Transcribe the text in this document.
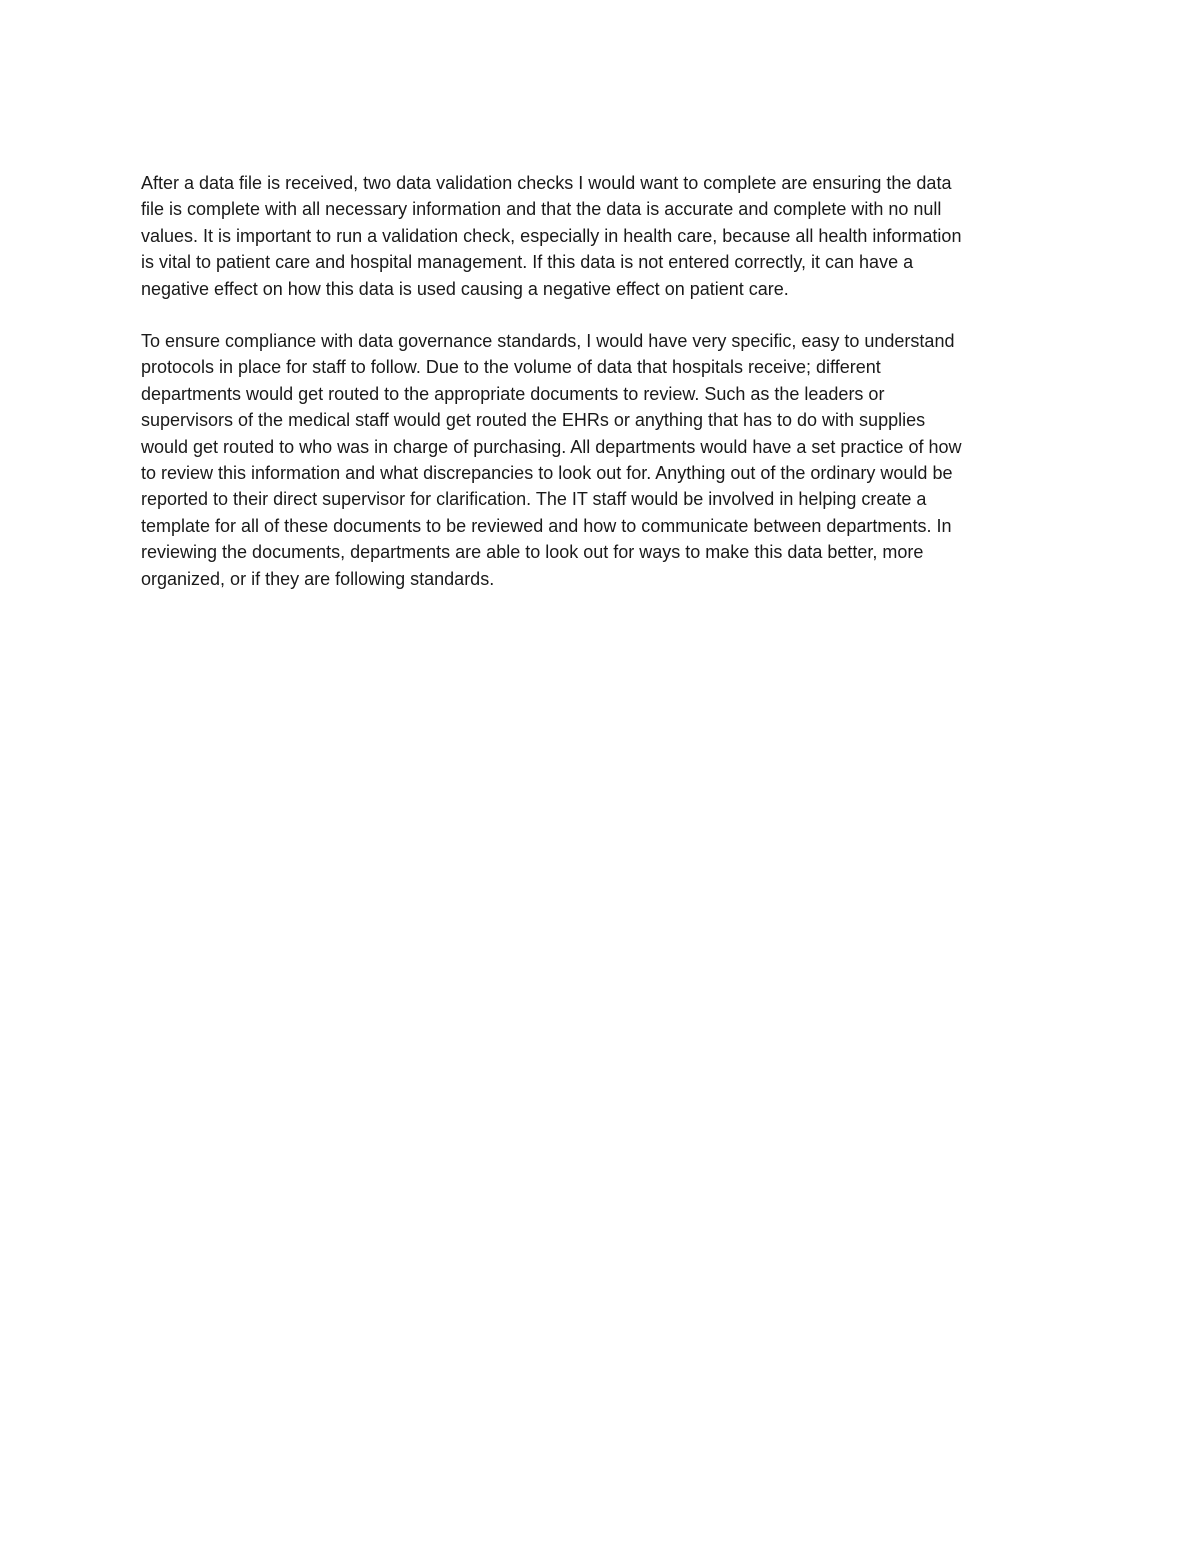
After a data file is received, two data validation checks I would want to complete are ensuring the data
file is complete with all necessary information and that the data is accurate and complete with no null
values. It is important to run a validation check, especially in health care, because all health information
is vital to patient care and hospital management. If this data is not entered correctly, it can have a
negative effect on how this data is used causing a negative effect on patient care.

To ensure compliance with data governance standards, I would have very specific, easy to understand
protocols in place for staff to follow. Due to the volume of data that hospitals receive; different
departments would get routed to the appropriate documents to review. Such as the leaders or
supervisors of the medical staff would get routed the EHRs or anything that has to do with supplies
would get routed to who was in charge of purchasing. All departments would have a set practice of how
to review this information and what discrepancies to look out for. Anything out of the ordinary would be
reported to their direct supervisor for clarification. The IT staff would be involved in helping create a
template for all of these documents to be reviewed and how to communicate between departments. In
reviewing the documents, departments are able to look out for ways to make this data better, more
organized, or if they are following standards.
